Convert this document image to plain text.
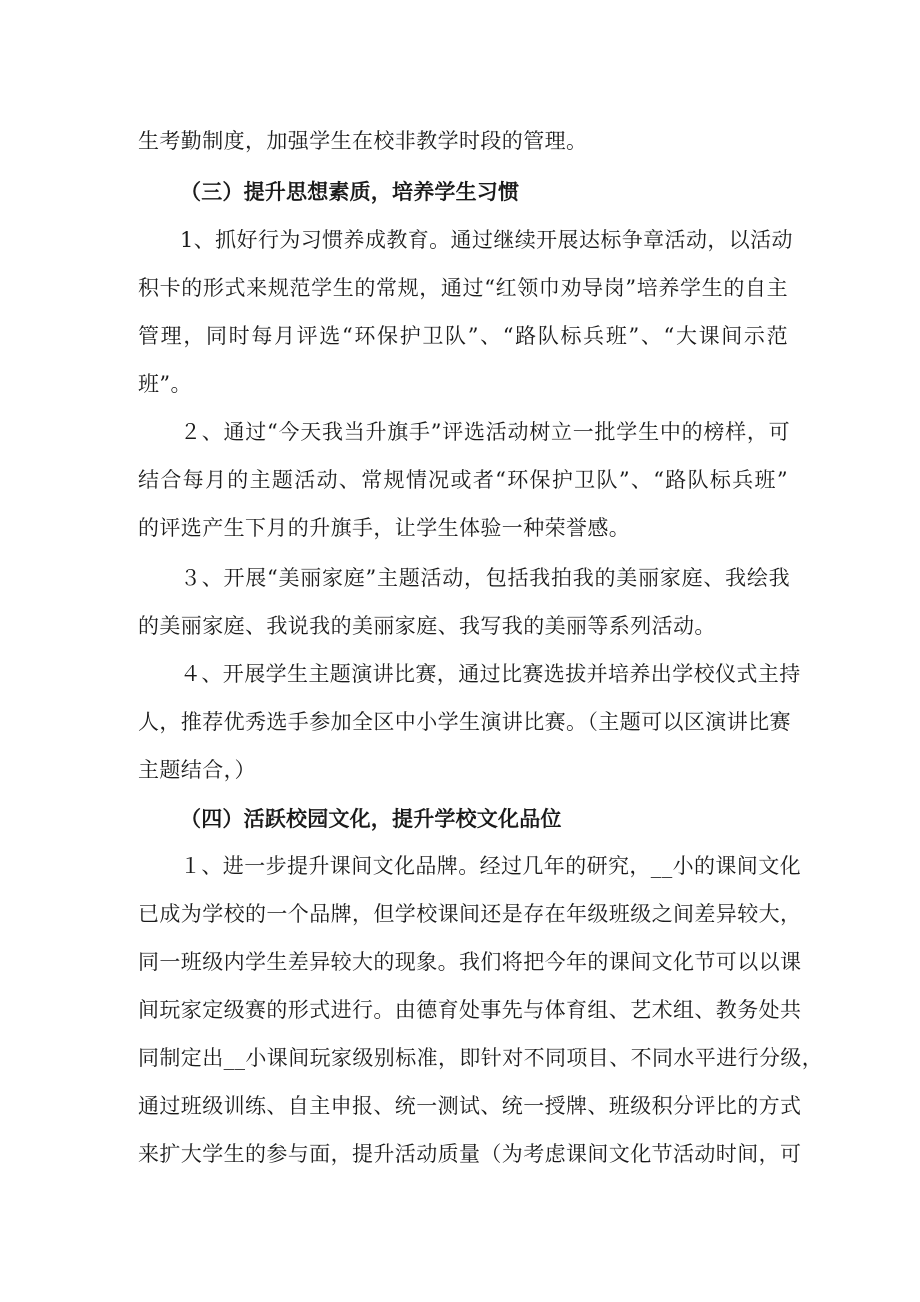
生考勤制度，加强学生在校非教学时段的管理。
（三）提升思想素质，培养学生习惯
1、抓好行为习惯养成教育。通过继续开展达标争章活动，以活动
积卡的形式来规范学生的常规，通过“红领巾劝导岗”培养学生的自主
管理，同时每月评选“环保护卫队”、“路队标兵班”、“大课间示范
班”。
２、通过“今天我当升旗手”评选活动树立一批学生中的榜样，可
结合每月的主题活动、常规情况或者“环保护卫队”、“路队标兵班”
的评选产生下月的升旗手，让学生体验一种荣誉感。
３、开展“美丽家庭”主题活动，包括我拍我的美丽家庭、我绘我
的美丽家庭、我说我的美丽家庭、我写我的美丽等系列活动。
４、开展学生主题演讲比赛，通过比赛选拔并培养出学校仪式主持
人，推荐优秀选手参加全区中小学生演讲比赛。（主题可以区演讲比赛
主题结合，）
（四）活跃校园文化，提升学校文化品位
１、进一步提升课间文化品牌。经过几年的研究，__小的课间文化
已成为学校的一个品牌，但学校课间还是存在年级班级之间差异较大，
同一班级内学生差异较大的现象。我们将把今年的课间文化节可以以课
间玩家定级赛的形式进行。由德育处事先与体育组、艺术组、教务处共
同制定出__小课间玩家级别标准，即针对不同项目、不同水平进行分级，
通过班级训练、自主申报、统一测试、统一授牌、班级积分评比的方式
来扩大学生的参与面，提升活动质量（为考虑课间文化节活动时间，可
